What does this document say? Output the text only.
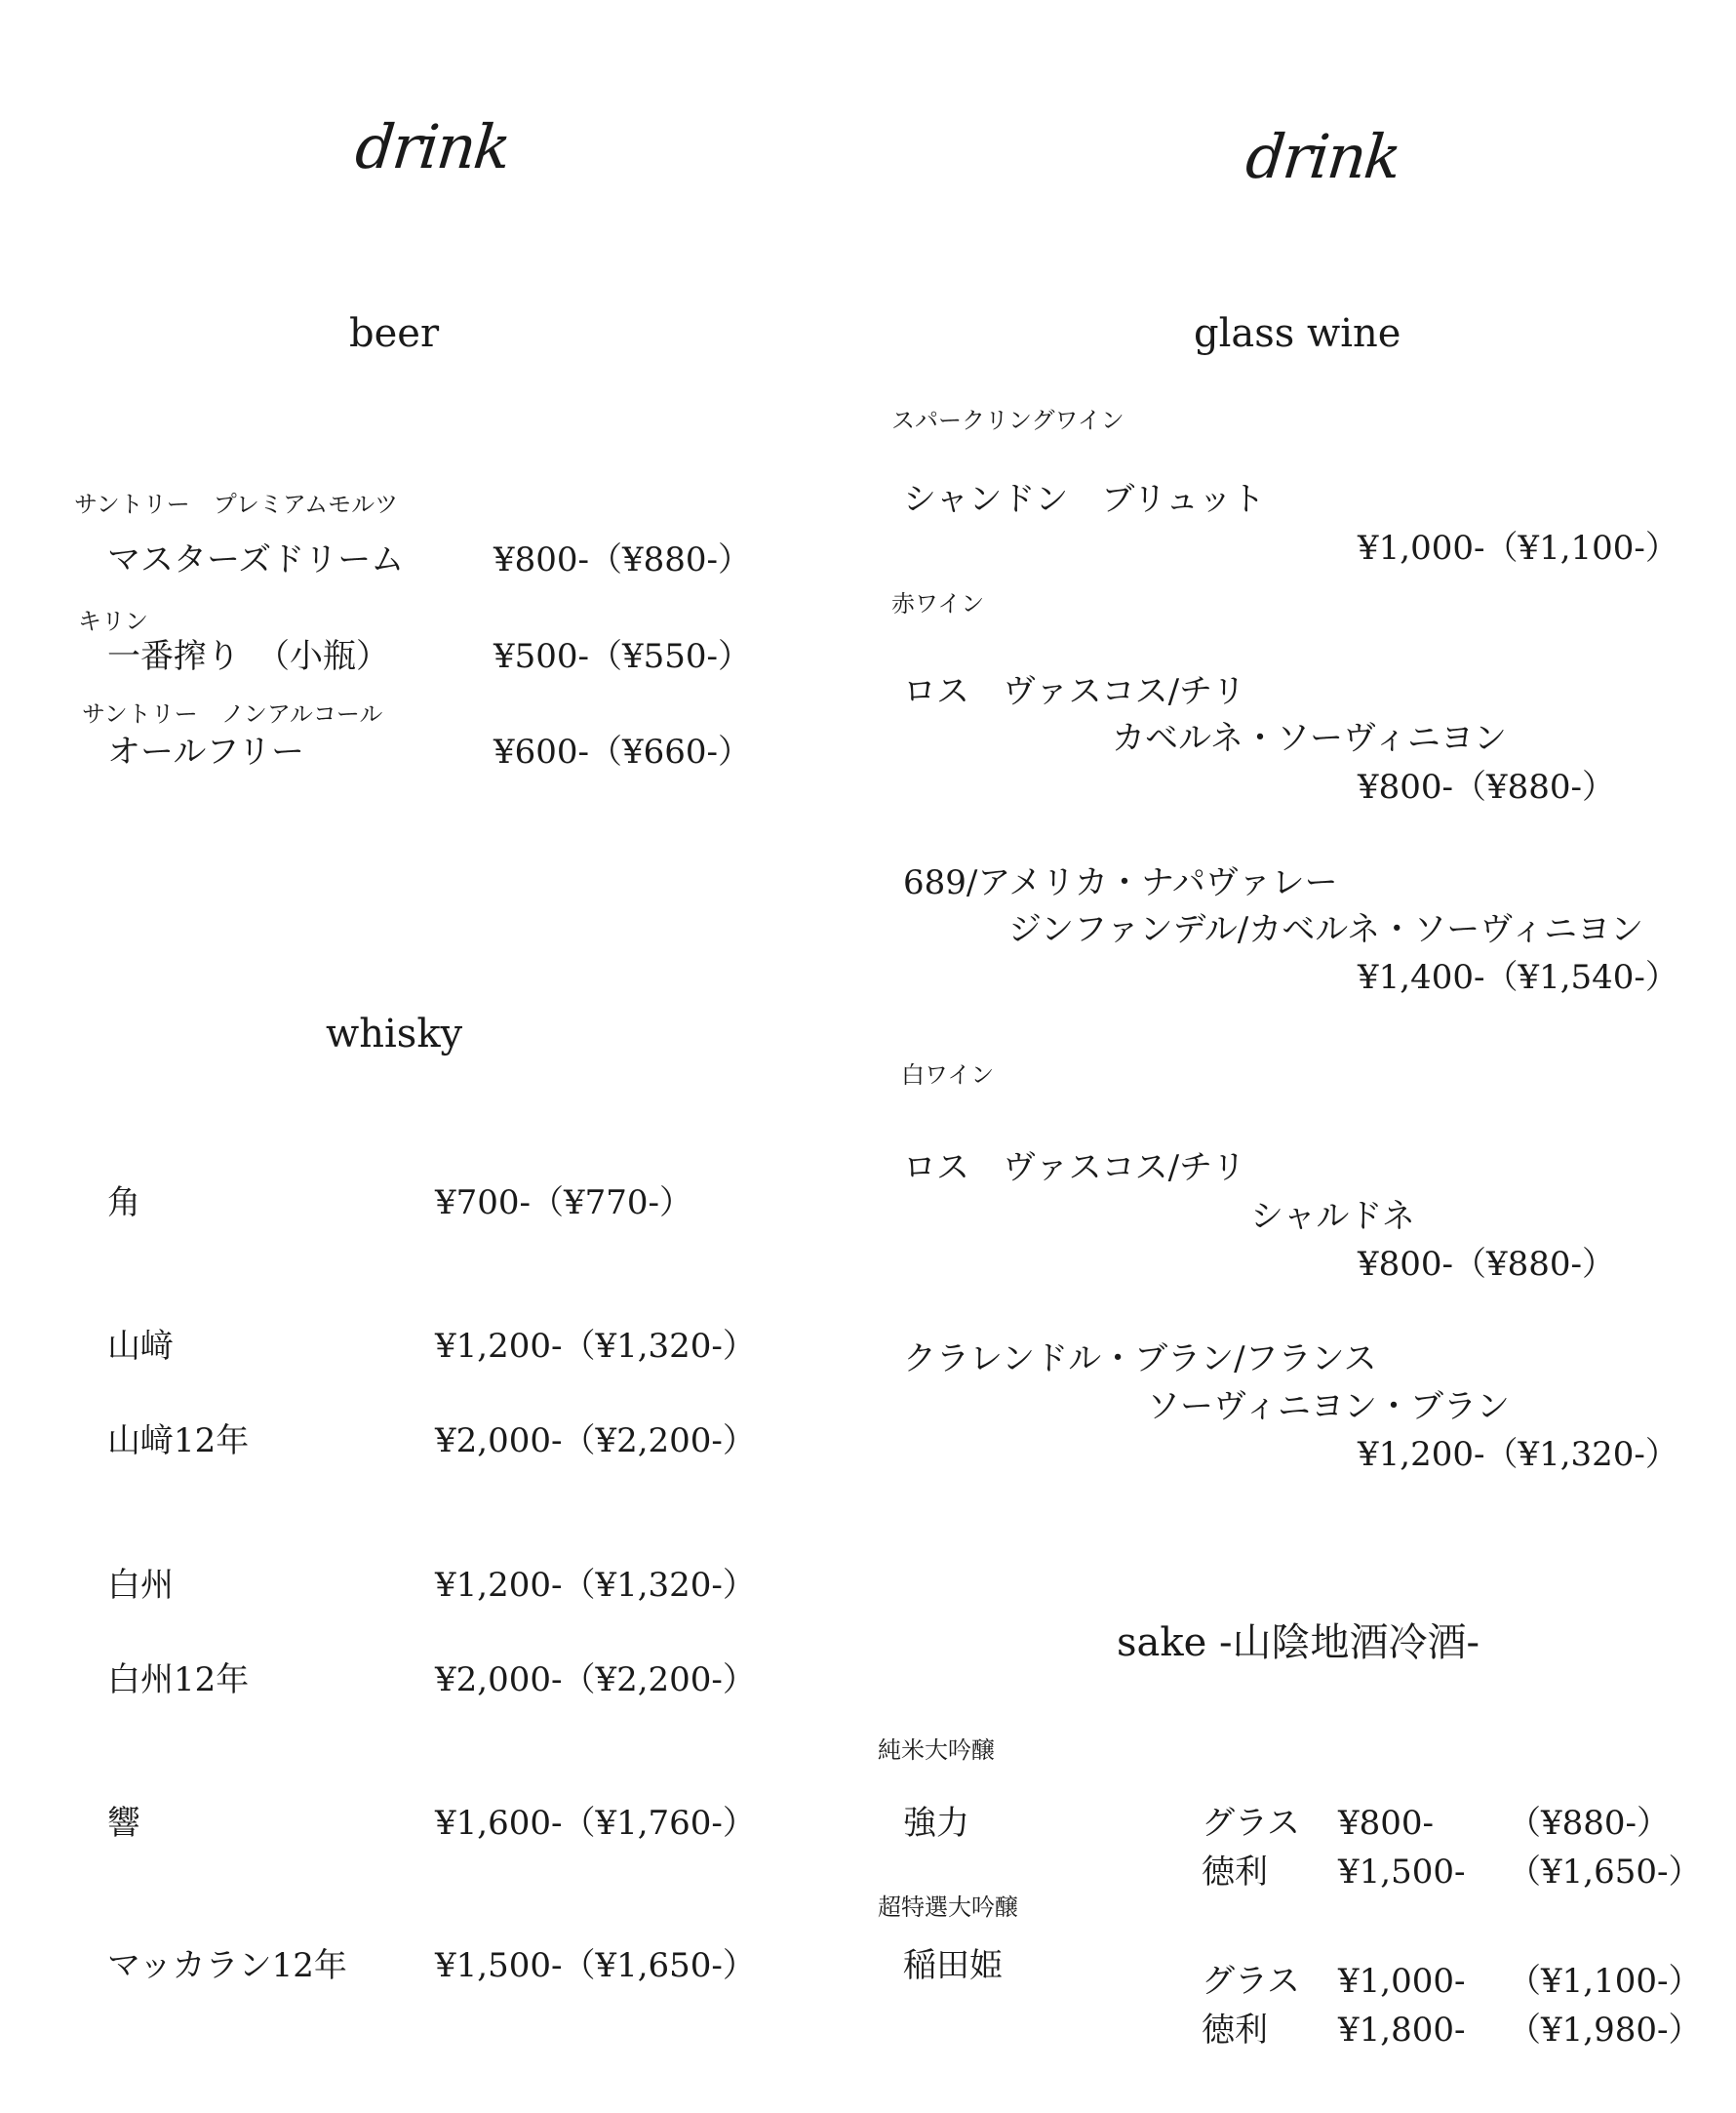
drink
beer
サントリー　プレミアムモルツ
マスターズドリーム	¥800-（¥880-）
キリン
一番搾り　（小瓶）	¥500-（¥550-）
サントリー　ノンアルコール
オールフリー	¥600-（¥660-）
whisky
角	¥700-（¥770-）
山﨑	¥1,200-（¥1,320-）
山﨑12年	¥2,000-（¥2,200-）
白州	¥1,200-（¥1,320-）
白州12年	¥2,000-（¥2,200-）
響	¥1,600-（¥1,760-）
マッカラン12年	¥1,500-（¥1,650-）
drink
glass wine
スパークリングワイン
シャンドン　ブリュット
¥1,000-（¥1,100-）
赤ワイン
ロス　ヴァスコス/チリ
カベルネ・ソーヴィニヨン
¥800-（¥880-）
689/アメリカ・ナパヴァレー
ジンファンデル/カベルネ・ソーヴィニヨン
¥1,400-（¥1,540-）
白ワイン
ロス　ヴァスコス/チリ
シャルドネ
¥800-（¥880-）
クラレンドル・ブラン/フランス
ソーヴィニヨン・ブラン
¥1,200-（¥1,320-）
sake -山陰地酒冷酒-
純米大吟醸
強力	グラス ¥800- （¥880-）
徳利 ¥1,500- （¥1,650-）
超特選大吟醸
稲田姫	グラス ¥1,000- （¥1,100-）
徳利 ¥1,800- （¥1,980-）
